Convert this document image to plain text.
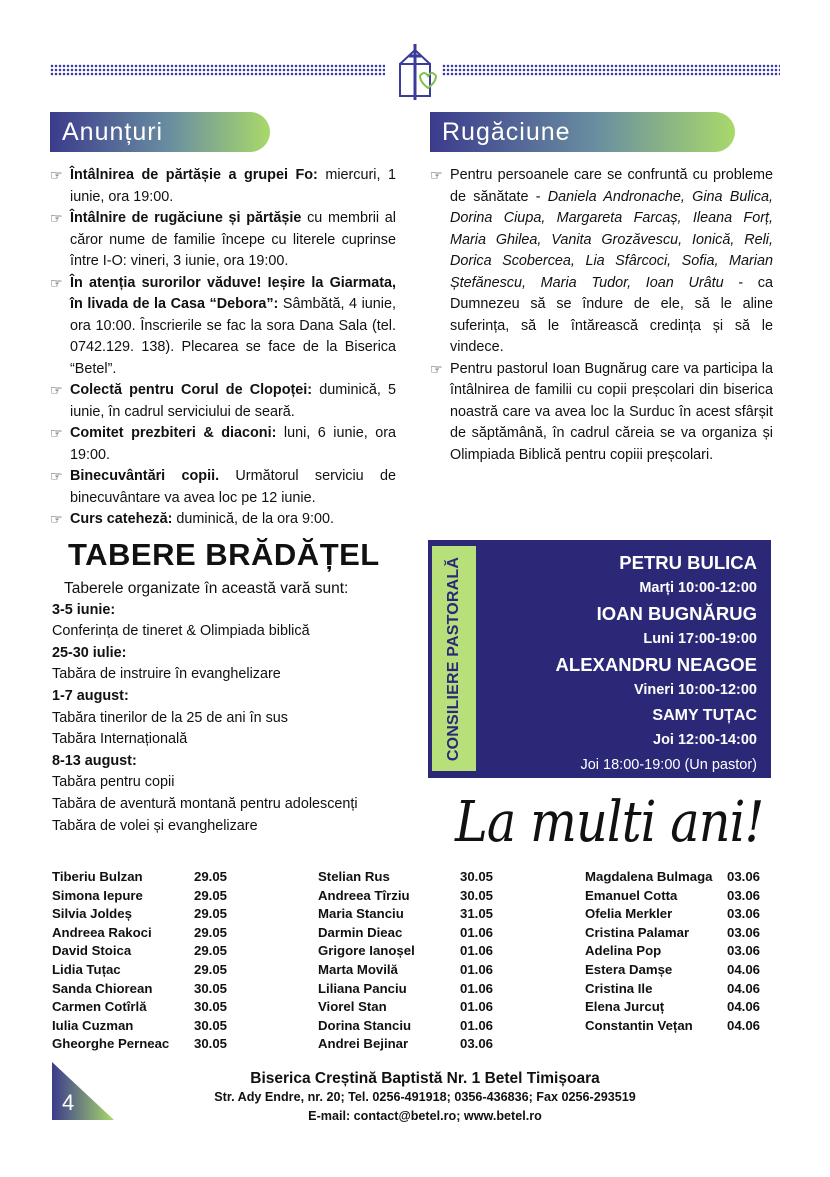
Anunțuri	Rugăciune
☞ Întâlnirea de părtășie a grupei Fo: miercuri, 1 iunie, ora 19:00.
☞ Întâlnire de rugăciune și părtășie cu membrii al căror nume de familie începe cu literele cuprinse între I-O: vineri, 3 iunie, ora 19:00.
☞ În atenția surorilor văduve! Ieșire la Giarmata, în livada de la Casa “Debora”: Sâmbătă, 4 iunie, ora 10:00. Înscrierile se fac la sora Dana Sala (tel. 0742.129. 138). Plecarea se face de la Biserica “Betel”.
☞ Colectă pentru Corul de Clopoței: duminică, 5 iunie, în cadrul serviciului de seară.
☞ Comitet prezbiteri & diaconi: luni, 6 iunie, ora 19:00.
☞ Binecuvântări copii. Următorul serviciu de binecuvântare va avea loc pe 12 iunie.
☞ Curs cateheză: duminică, de la ora 9:00.
☞ Pentru persoanele care se confruntă cu probleme de sănătate - Daniela Andronache, Gina Bulica, Dorina Ciupa, Margareta Farcaș, Ileana Forț, Maria Ghilea, Vanita Grozăvescu, Ionică, Reli, Dorica Scobercea, Lia Sfârcoci, Sofia, Marian Ștefănescu, Maria Tudor, Ioan Urâtu - ca Dumnezeu să se îndure de ele, să le aline suferința, să le întărească credința și să le vindece.
☞ Pentru pastorul Ioan Bugnărug care va participa la întâlnirea de familii cu copii preșcolari din biserica noastră care va avea loc la Surduc în acest sfârșit de săptămână, în cadrul căreia se va organiza și Olimpiada Biblică pentru copiii preșcolari.
TABERE BRĂDĂȚEL
Taberele organizate în această vară sunt:
3-5 iunie:
Conferința de tineret & Olimpiada biblică
25-30 iulie:
Tabăra de instruire în evanghelizare
1-7 august:
Tabăra tinerilor de la 25 de ani în sus
Tabăra Internațională
8-13 august:
Tabăra pentru copii
Tabăra de aventură montană pentru adolescenți
Tabăra de volei și evanghelizare
CONSILIERE PASTORALĂ	PETRU BULICA
Marți 10:00-12:00
IOAN BUGNĂRUG
Luni 17:00-19:00
ALEXANDRU NEAGOE
Vineri 10:00-12:00
SAMY TUȚAC
Joi 12:00-14:00
Joi 18:00-19:00 (Un pastor)
La multi ani!
Tiberiu Bulzan	29.05
Simona Iepure	29.05
Silvia Joldeș	29.05
Andreea Rakoci	29.05
David Stoica	29.05
Lidia Tuțac	29.05
Sanda Chiorean	30.05
Carmen Cotîrlă	30.05
Iulia Cuzman	30.05
Gheorghe Perneac 30.05
Stelian Rus	30.05
Andreea Tîrziu	30.05
Maria Stanciu	31.05
Darmin Dieac	01.06
Grigore Ianoșel	01.06
Marta Movilă	01.06
Liliana Panciu	01.06
Viorel Stan	01.06
Dorina Stanciu	01.06
Andrei Bejinar	03.06
Magdalena Bulmaga 03.06
Emanuel Cotta	03.06
Ofelia Merkler	03.06
Cristina Palamar	03.06
Adelina Pop	03.06
Estera Damșe	04.06
Cristina Ile	04.06
Elena Jurcuț	04.06
Constantin Vețan	04.06
4
Biserica Creștină Baptistă Nr. 1 Betel Timișoara
Str. Ady Endre, nr. 20; Tel. 0256-491918; 0356-436836; Fax 0256-293519
E-mail: contact@betel.ro; www.betel.ro
